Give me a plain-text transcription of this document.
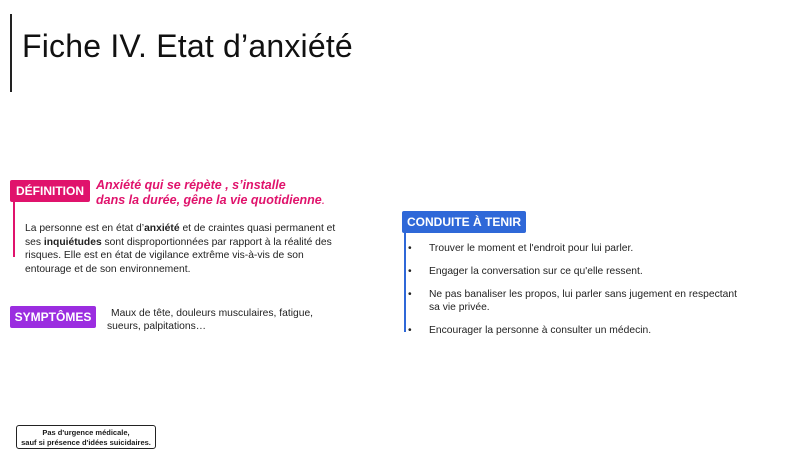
Fiche IV. Etat d’anxiété
DÉFINITION Anxiété qui se répète , s’installe
dans la durée, gêne la vie quotidienne.
La personne est en état d’anxiété et de craintes quasi permanent et ses inquiétudes sont disproportionnées par rapport à la réalité des risques. Elle est en état de vigilance extrême vis-à-vis de son entourage et de son environnement.
SYMPTÔMES	Maux de tête, douleurs musculaires, fatigue,
sueurs, palpitations…
CONDUITE À TENIR
• Trouver le moment et l'endroit pour lui parler.
• Engager la conversation sur ce qu'elle ressent.
• Ne pas banaliser les propos, lui parler sans jugement en respectant sa vie privée.
• Encourager la personne à consulter un médecin.
Pas d'urgence médicale,
sauf si présence d'idées suicidaires.
